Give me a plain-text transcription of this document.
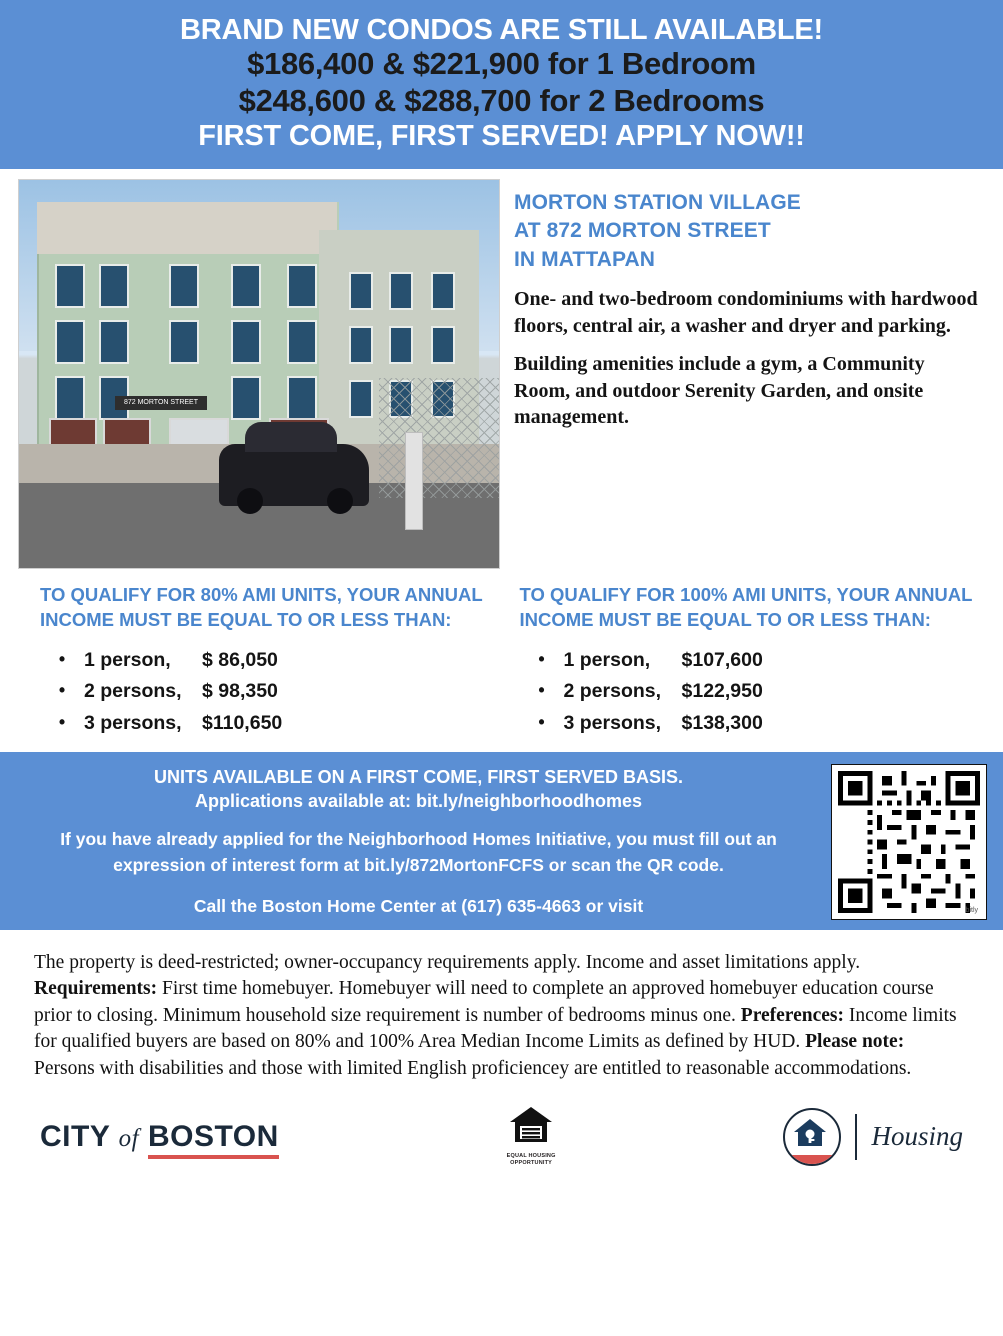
BRAND NEW CONDOS ARE STILL AVAILABLE!
$186,400 & $221,900 for 1 Bedroom
$248,600 & $288,700 for 2 Bedrooms
FIRST COME, FIRST SERVED! APPLY NOW!!
872 MORTON STREET
MORTON STATION VILLAGE
AT 872 MORTON STREET
IN MATTAPAN

One- and two-bedroom condominiums with hardwood floors, central air, a washer and dryer and parking.

Building amenities include a gym, a Community Room, and outdoor Serenity Garden, and onsite management.

TO QUALIFY FOR 80% AMI UNITS, YOUR ANNUAL INCOME MUST BE EQUAL TO OR LESS THAN:
• 1 person,	$ 86,050
• 2 persons,	$ 98,350
• 3 persons,	$110,650
TO QUALIFY FOR 100% AMI UNITS, YOUR ANNUAL INCOME MUST BE EQUAL TO OR LESS THAN:
• 1 person,	$107,600
• 2 persons,	$122,950
• 3 persons,	$138,300
UNITS AVAILABLE ON A FIRST COME, FIRST SERVED BASIS.
Applications available at: bit.ly/neighborhoodhomes
If you have already applied for the Neighborhood Homes Initiative, you must fill out an expression of interest form at bit.ly/872MortonFCFS or scan the QR code.
Call the Boston Home Center at (617) 635-4663 or visit	bitly
The property is deed-restricted; owner-occupancy requirements apply. Income and asset limitations apply. Requirements: First time homebuyer. Homebuyer will need to complete an approved homebuyer education course prior to closing. Minimum household size requirement is number of bedrooms minus one. Preferences: Income limits for qualified buyers are based on 80% and 100% Area Median Income Limits as defined by HUD. Please note: Persons with disabilities and those with limited English proficiencey are entitled to reasonable accommodations.
CITY of BOSTON
EQUAL HOUSING
OPPORTUNITY
Housing
